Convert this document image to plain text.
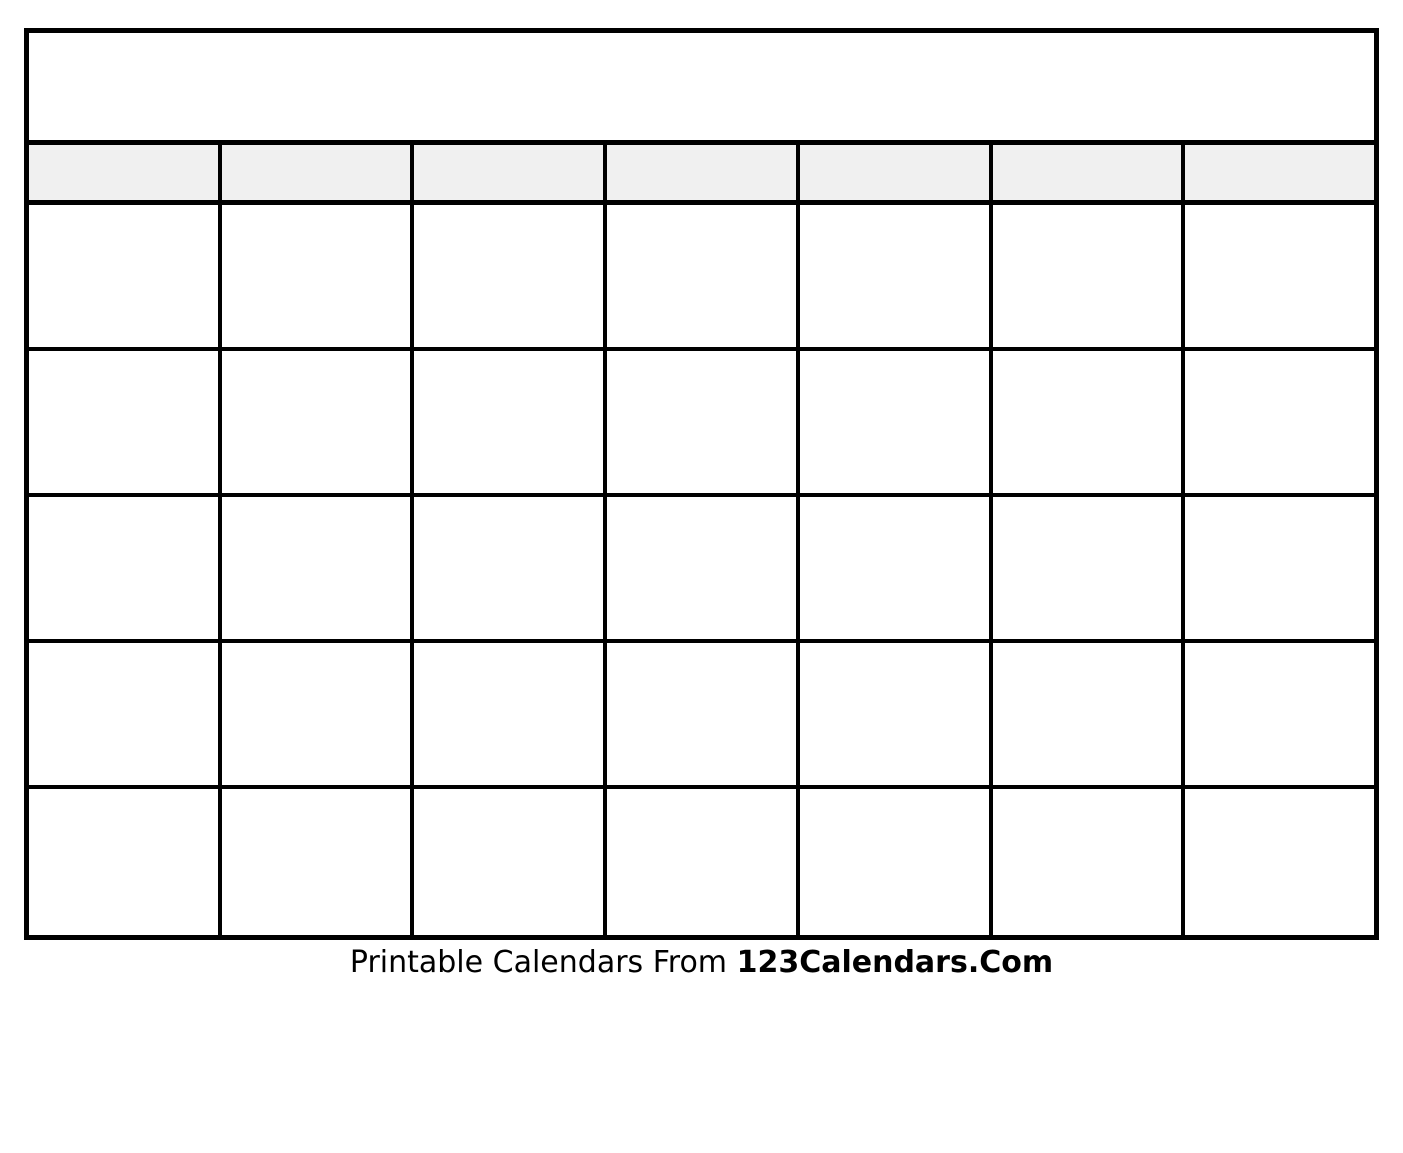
Printable Calendars From 123Calendars.Com
